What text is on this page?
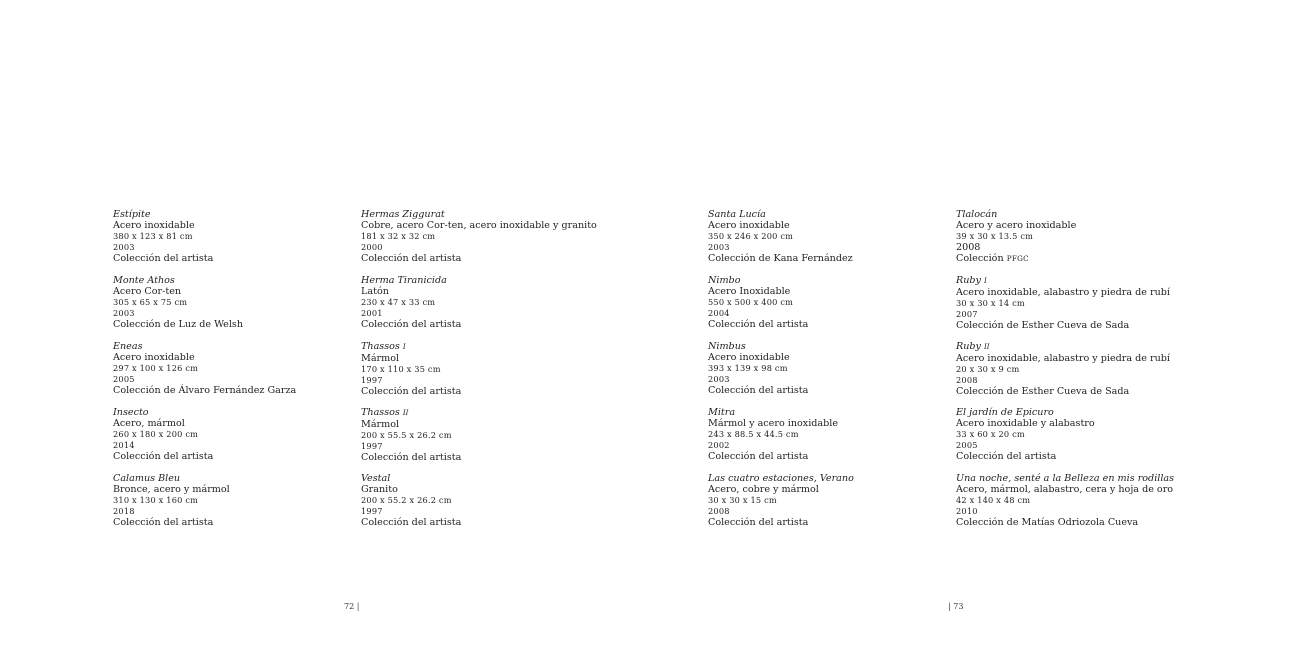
Estípite
Acero inoxidable
380 x 123 x 81 cm
2003
Colección del artista
Monte Athos
Acero Cor-ten
305 x 65 x 75 cm
2003
Colección de Luz de Welsh
Eneas
Acero inoxidable
297 x 100 x 126 cm
2005
Colección de Álvaro Fernández Garza
Insecto
Acero, mármol
260 x 180 x 200 cm
2014
Colección del artista
Calamus Bleu
Bronce, acero y mármol
310 x 130 x 160 cm
2018
Colección del artista
Hermas Ziggurat
Cobre, acero Cor-ten, acero inoxidable y granito
181 x 32 x 32 cm
2000
Colección del artista
Herma Tiranicida
Latón
230 x 47 x 33 cm
2001
Colección del artista
Thassos I
Mármol
170 x 110 x 35 cm
1997
Colección del artista
Thassos II
Mármol
200 x 55.5 x 26.2 cm
1997
Colección del artista
Vestal
Granito
200 x 55.2 x 26.2 cm
1997
Colección del artista
72 |
Santa Lucía
Acero inoxidable
350 x 246 x 200 cm
2003
Colección de Kana Fernández
Nimbo
Acero Inoxidable
550 x 500 x 400 cm
2004
Colección del artista
Nimbus
Acero inoxidable
393 x 139 x 98 cm
2003
Colección del artista
Mitra
Mármol y acero inoxidable
243 x 88.5 x 44.5 cm
2002
Colección del artista
Las cuatro estaciones, Verano
Acero, cobre y mármol
30 x 30 x 15 cm
2008
Colección del artista
Tlalocán
Acero y acero inoxidable
39 x 30 x 13.5 cm
2008
Colección PFGC
Ruby I
Acero inoxidable, alabastro y piedra de rubí
30 x 30 x 14 cm
2007
Colección de Esther Cueva de Sada
Ruby II
Acero inoxidable, alabastro y piedra de rubí
20 x 30 x 9 cm
2008
Colección de Esther Cueva de Sada
El jardín de Epicuro
Acero inoxidable y alabastro
33 x 60 x 20 cm
2005
Colección del artista
Una noche, senté a la Belleza en mis rodillas
Acero, mármol, alabastro, cera y hoja de oro
42 x 140 x 48 cm
2010
Colección de Matías Odriozola Cueva
| 73
